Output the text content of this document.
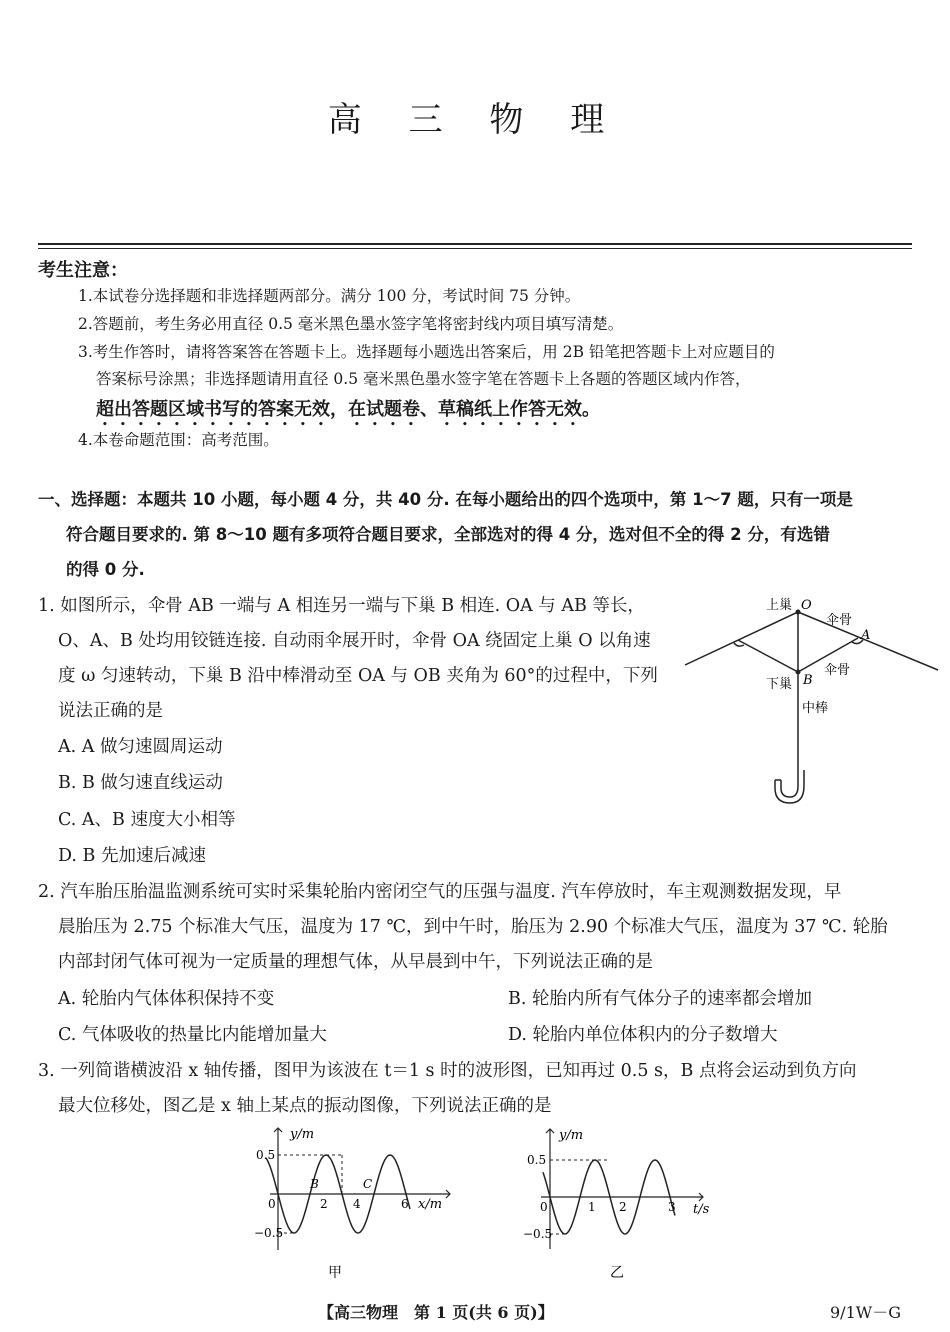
高 三 物 理
考生注意：
1.本试卷分选择题和非选择题两部分。满分 100 分，考试时间 75 分钟。
2.答题前，考生务必用直径 0.5 毫米黑色墨水签字笔将密封线内项目填写清楚。
3.考生作答时，请将答案答在答题卡上。选择题每小题选出答案后，用 2B 铅笔把答题卡上对应题目的
答案标号涂黑；非选择题请用直径 0.5 毫米黑色墨水签字笔在答题卡上各题的答题区域内作答，
超出答题区域书写的答案无效，在试题卷、草稿纸上作答无效。
4.本卷命题范围：高考范围。
一、选择题：本题共 10 小题，每小题 4 分，共 40 分. 在每小题给出的四个选项中，第 1～7 题，只有一项是
符合题目要求的. 第 8～10 题有多项符合题目要求，全部选对的得 4 分，选对但不全的得 2 分，有选错
的得 0 分.
1. 如图所示，伞骨 AB 一端与 A 相连另一端与下巢 B 相连. OA 与 AB 等长，
O、A、B 处均用铰链连接. 自动雨伞展开时，伞骨 OA 绕固定上巢 O 以角速
度 ω 匀速转动，下巢 B 沿中棒滑动至 OA 与 OB 夹角为 60°的过程中，下列
说法正确的是
A. A 做匀速圆周运动
B. B 做匀速直线运动
C. A、B 速度大小相等
D. B 先加速后减速
上巢 O
伞骨
A
下巢 B
伞骨
中棒
2. 汽车胎压胎温监测系统可实时采集轮胎内密闭空气的压强与温度. 汽车停放时，车主观测数据发现，早
晨胎压为 2.75 个标准大气压，温度为 17 ℃，到中午时，胎压为 2.90 个标准大气压，温度为 37 ℃. 轮胎
内部封闭气体可视为一定质量的理想气体，从早晨到中午，下列说法正确的是
A. 轮胎内气体体积保持不变	B. 轮胎内所有气体分子的速率都会增加
C. 气体吸收的热量比内能增加量大	D. 轮胎内单位体积内的分子数增大
3. 一列简谐横波沿 x 轴传播，图甲为该波在 t＝1 s 时的波形图，已知再过 0.5 s，B 点将会运动到负方向
最大位移处，图乙是 x 轴上某点的振动图像，下列说法正确的是
y/m
0.5
−0.5
0	2 4	6 x/m
B	C
甲
y/m
0.5
−0.5
0	1 2	3 t/s
乙
【高三物理　第 1 页(共 6 页)】	9/1W－G
